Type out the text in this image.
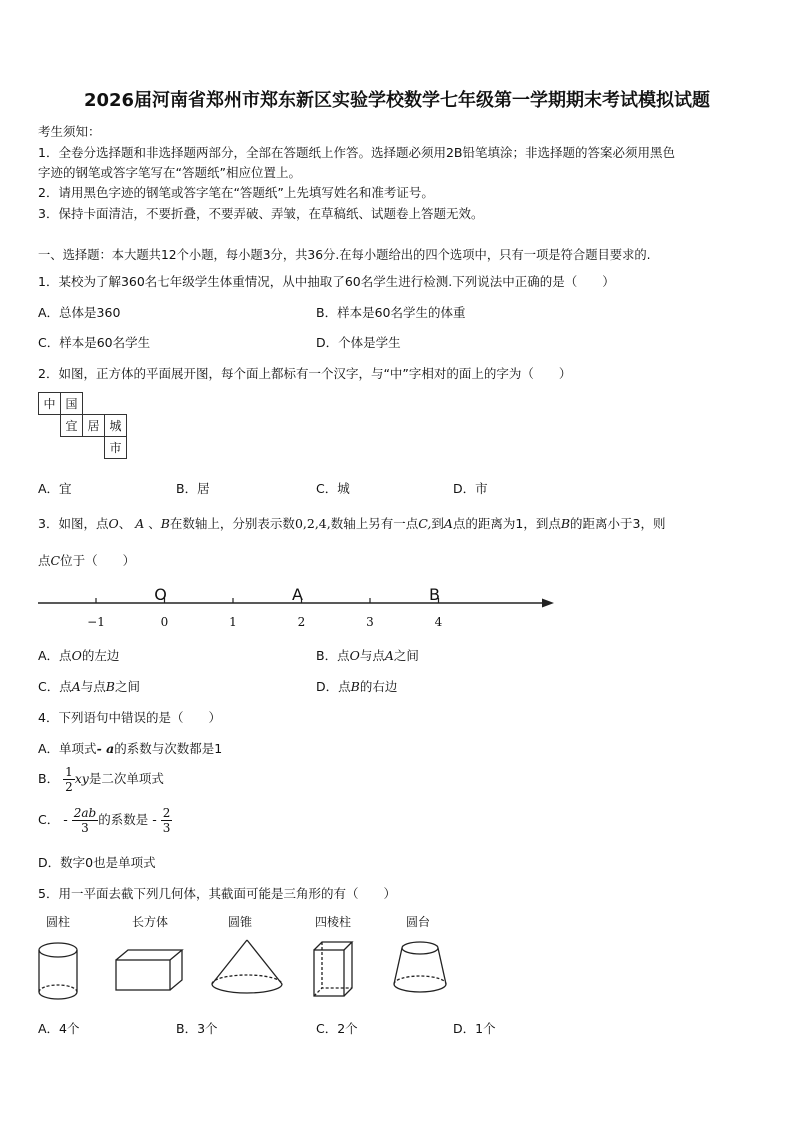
2026届河南省郑州市郑东新区实验学校数学七年级第一学期期末考试模拟试题
考生须知：
1．全卷分选择题和非选择题两部分，全部在答题纸上作答。选择题必须用2B铅笔填涂；非选择题的答案必须用黑色
字迹的钢笔或答字笔写在“答题纸”相应位置上。
2．请用黑色字迹的钢笔或答字笔在“答题纸”上先填写姓名和准考证号。
3．保持卡面清洁，不要折叠，不要弄破、弄皱，在草稿纸、试题卷上答题无效。
一、选择题：本大题共12个小题，每小题3分，共36分.在每小题给出的四个选项中，只有一项是符合题目要求的.
1．某校为了解360名七年级学生体重情况，从中抽取了60名学生进行检测.下列说法中正确的是（　　）
A．总体是360	B．样本是60名学生的体重
C．样本是60名学生	D．个体是学生
2．如图，正方体的平面展开图，每个面上都标有一个汉字，与“中”字相对的面上的字为（　　）
中	国		
	宜	居	城
			市
A．宜	B．居	C．城	D．市
3．如图，点O、 A 、B在数轴上，分别表示数0,2,4,数轴上另有一点C,到A点的距离为1，到点B的距离小于3，则
点C位于（　　）
−1	0	1	2	3	4
O	A	B
A．点O的左边	B．点O与点A之间
C．点A与点B之间	D．点B的右边
4．下列语句中错误的是（　　）
A．单项式- a的系数与次数都是1
B． $\frac{1}{2}$ xy是二次单项式
C． - $\frac{2ab}{3}$ 的系数是 - $\frac{2}{3}$
D．数字0也是单项式
5．用一平面去截下列几何体，其截面可能是三角形的有（　　）
圆柱	长方体	圆锥	四棱柱	圆台
A．4个	B．3个	C．2个	D．1个
